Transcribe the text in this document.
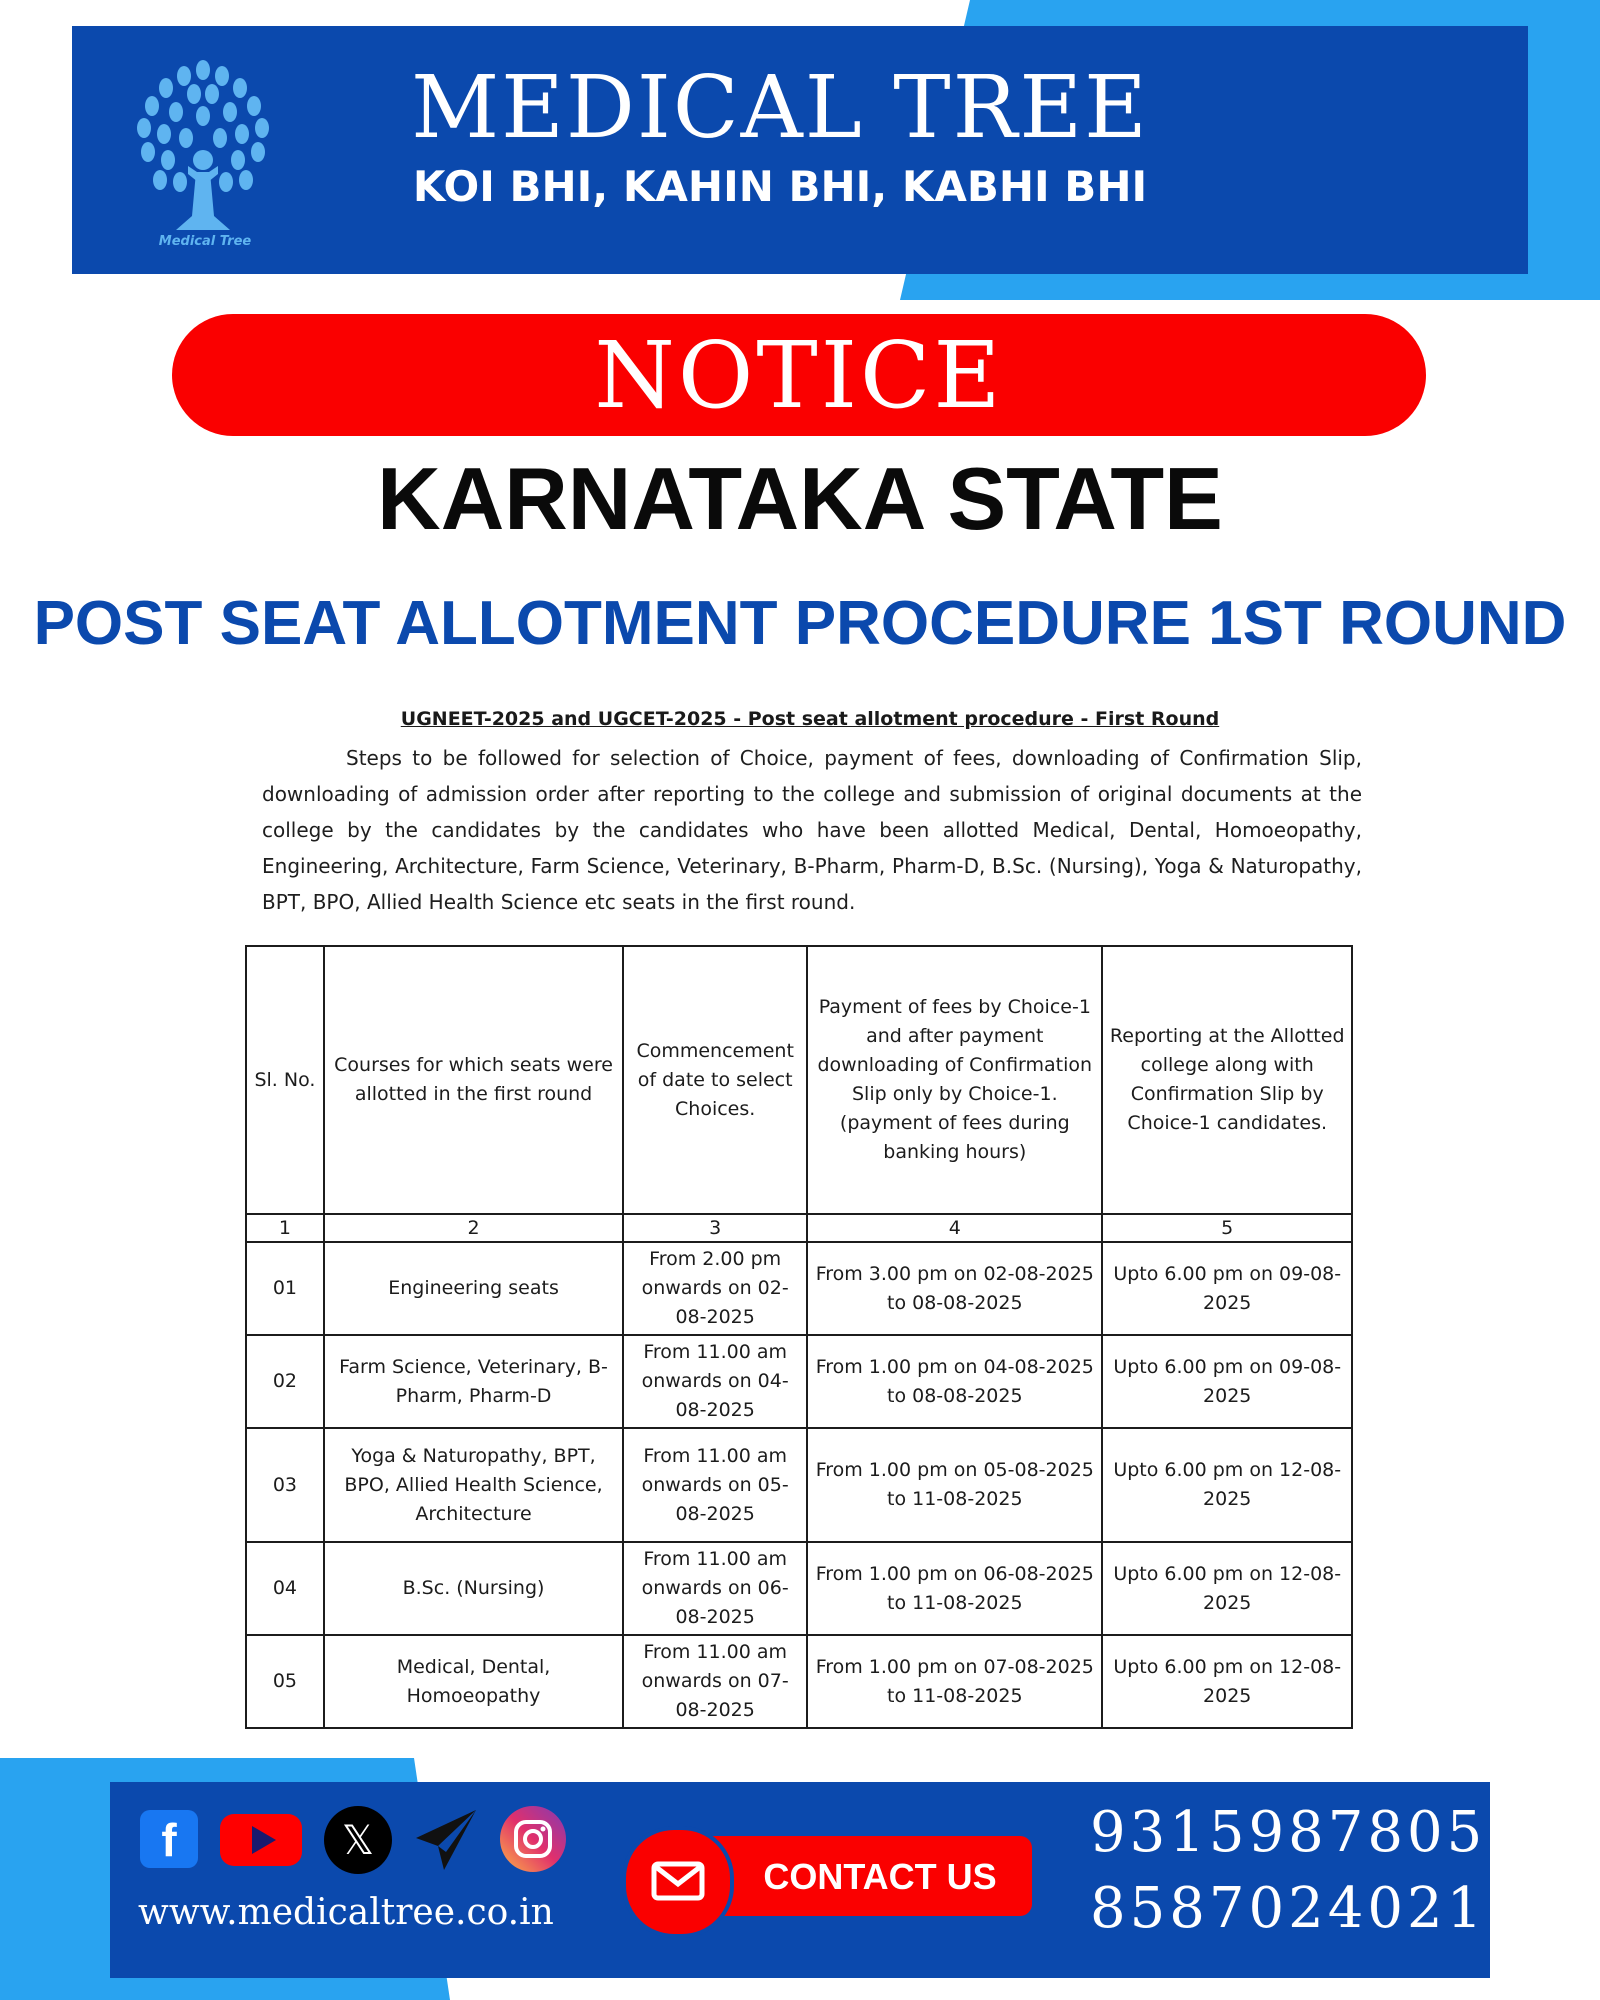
Medical Tree
MEDICAL TREE
KOI BHI, KAHIN BHI, KABHI BHI
NOTICE
KARNATAKA STATE
POST SEAT ALLOTMENT PROCEDURE 1ST ROUND
UGNEET-2025 and UGCET-2025 - Post seat allotment procedure - First Round
Steps to be followed for selection of Choice, payment of fees, downloading of Confirmation Slip, downloading of admission order after reporting to the college and submission of original documents at the college by the candidates by the candidates who have been allotted Medical, Dental, Homoeopathy, Engineering, Architecture, Farm Science, Veterinary, B-Pharm, Pharm-D, B.Sc. (Nursing), Yoga & Naturopathy, BPT, BPO, Allied Health Science etc seats in the first round.
Sl. No.	Courses for which seats were allotted in the first round	Commencement of date to select Choices.	Payment of fees by Choice-1 and after payment downloading of Confirmation Slip only by Choice-1. (payment of fees during banking hours)	Reporting at the Allotted college along with Confirmation Slip by Choice-1 candidates.
1	2	3	4	5
01	Engineering seats	From 2.00 pm onwards on 02-08-2025	From 3.00 pm on 02-08-2025 to 08-08-2025	Upto 6.00 pm on 09-08-2025
02	Farm Science, Veterinary, B-Pharm, Pharm-D	From 11.00 am onwards on 04-08-2025	From 1.00 pm on 04-08-2025 to 08-08-2025	Upto 6.00 pm on 09-08-2025
03	Yoga & Naturopathy, BPT, BPO, Allied Health Science, Architecture	From 11.00 am onwards on 05-08-2025	From 1.00 pm on 05-08-2025 to 11-08-2025	Upto 6.00 pm on 12-08-2025
04	B.Sc. (Nursing)	From 11.00 am onwards on 06-08-2025	From 1.00 pm on 06-08-2025 to 11-08-2025	Upto 6.00 pm on 12-08-2025
05	Medical, Dental, Homoeopathy	From 11.00 am onwards on 07-08-2025	From 1.00 pm on 07-08-2025 to 11-08-2025	Upto 6.00 pm on 12-08-2025
f	𝕏
www.medicaltree.co.in
CONTACT US
9315987805
8587024021
